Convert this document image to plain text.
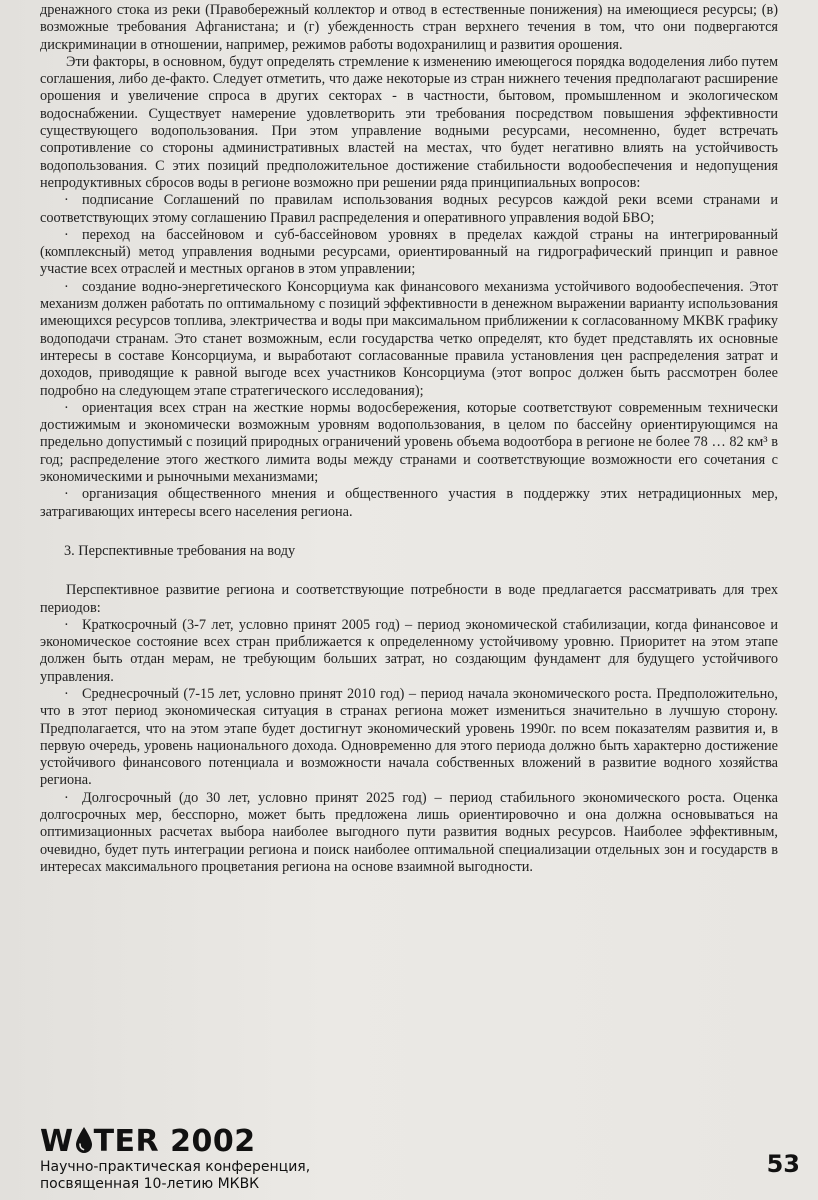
дренажного стока из реки (Правобережный коллектор и отвод в естественные понижения) на имеющиеся ресурсы; (в) возможные требования Афганистана; и (г) убежденность стран верхнего течения в том, что они подвергаются дискриминации в отношении, например, режимов работы водохранилищ и развития орошения.

Эти факторы, в основном, будут определять стремление к изменению имеющегося порядка вододеления либо путем соглашения, либо де-факто. Следует отметить, что даже некоторые из стран нижнего течения предполагают расширение орошения и увеличение спроса в других секторах - в частности, бытовом, промышленном и экологическом водоснабжении. Существует намерение удовлетворить эти требования посредством повышения эффективности существующего водопользования. При этом управление водными ресурсами, несомненно, будет встречать сопротивление со стороны административных властей на местах, что будет негативно влиять на устойчивость водопользования. С этих позиций предположительное достижение стабильности водообеспечения и недопущения непродуктивных сбросов воды в регионе возможно при решении ряда принципиальных вопросов:

· подписание Соглашений по правилам использования водных ресурсов каждой реки всеми странами и соответствующих этому соглашению Правил распределения и оперативного управления водой БВО;

· переход на бассейновом и суб-бассейновом уровнях в пределах каждой страны на интегрированный (комплексный) метод управления водными ресурсами, ориентированный на гидрографический принцип и равное участие всех отраслей и местных органов в этом управлении;

· создание водно-энергетического Консорциума как финансового механизма устойчивого водообеспечения. Этот механизм должен работать по оптимальному с позиций эффективности в денежном выражении варианту использования имеющихся ресурсов топлива, электричества и воды при максимальном приближении к согласованному МКВК графику водоподачи странам. Это станет возможным, если государства четко определят, кто будет представлять их основные интересы в составе Консорциума, и выработают согласованные правила установления цен распределения затрат и доходов, приводящие к равной выгоде всех участников Консорциума (этот вопрос должен быть рассмотрен более подробно на следующем этапе стратегического исследования);

· ориентация всех стран на жесткие нормы водосбережения, которые соответствуют современным технически достижимым и экономически возможным уровням водопользования, в целом по бассейну ориентирующимся на предельно допустимый с позиций природных ограничений уровень объема водоотбора в регионе не более 78 … 82 км³ в год; распределение этого жесткого лимита воды между странами и соответствующие возможности его сочетания с экономическими и рыночными механизмами;

· организация общественного мнения и общественного участия в поддержку этих нетрадиционных мер, затрагивающих интересы всего населения региона.

3. Перспективные требования на воду

Перспективное развитие региона и соответствующие потребности в воде предлагается рассматривать для трех периодов:

· Краткосрочный (3-7 лет, условно принят 2005 год) – период экономической стабилизации, когда финансовое и экономическое состояние всех стран приближается к определенному устойчивому уровню. Приоритет на этом этапе должен быть отдан мерам, не требующим больших затрат, но создающим фундамент для будущего устойчивого управления.

· Среднесрочный (7-15 лет, условно принят 2010 год) – период начала экономического роста. Предположительно, что в этот период экономическая ситуация в странах региона может измениться значительно в лучшую сторону. Предполагается, что на этом этапе будет достигнут экономический уровень 1990г. по всем показателям развития и, в первую очередь, уровень национального дохода. Одновременно для этого периода должно быть характерно достижение устойчивого финансового потенциала и возможности начала собственных вложений в развитие водного хозяйства региона.

· Долгосрочный (до 30 лет, условно принят 2025 год) – период стабильного экономического роста. Оценка долгосрочных мер, бесспорно, может быть предложена лишь ориентировочно и она должна основываться на оптимизационных расчетах выбора наиболее выгодного пути развития водных ресурсов. Наиболее эффективным, очевидно, будет путь интеграции региона и поиск наиболее оптимальной специализации отдельных зон и государств в интересах максимального процветания региона на основе взаимной выгодности.

W TER 2002
Научно-практическая конференция,
посвященная 10-летию МКВК
53
